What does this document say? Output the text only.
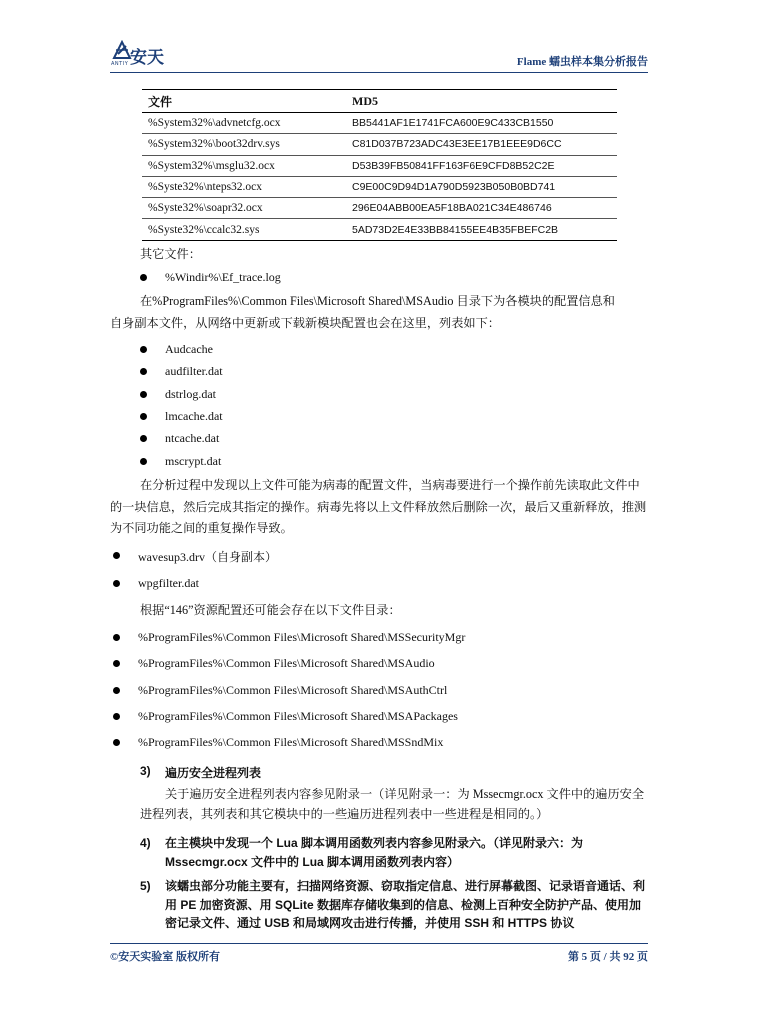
安天
ANTIY	Flame 蠕虫样本集分析报告
文件	MD5
%System32%\advnetcfg.ocx	BB5441AF1E1741FCA600E9C433CB1550
%System32%\boot32drv.sys	C81D037B723ADC43E3EE17B1EEE9D6CC
%System32%\msglu32.ocx	D53B39FB50841FF163F6E9CFD8B52C2E
%Syste32%\nteps32.ocx	C9E00C9D94D1A790D5923B050B0BD741
%Syste32%\soapr32.ocx	296E04ABB00EA5F18BA021C34E486746
%Syste32%\ccalc32.sys	5AD73D2E4E33BB84155EE4B35FBEFC2B
其它文件：
%Windir%\Ef_trace.log
在%ProgramFiles%\Common Files\Microsoft Shared\MSAudio 目录下为各模块的配置信息和
自身副本文件，从网络中更新或下载新模块配置也会在这里，列表如下：
Audcache
audfilter.dat
dstrlog.dat
lmcache.dat
ntcache.dat
mscrypt.dat
在分析过程中发现以上文件可能为病毒的配置文件，当病毒要进行一个操作前先读取此文件中的一块信息，然后完成其指定的操作。病毒先将以上文件释放然后删除一次，最后又重新释放，推测为不同功能之间的重复操作导致。
wavesup3.drv（自身副本）
wpgfilter.dat
根据“146”资源配置还可能会存在以下文件目录：
%ProgramFiles%\Common Files\Microsoft Shared\MSSecurityMgr
%ProgramFiles%\Common Files\Microsoft Shared\MSAudio
%ProgramFiles%\Common Files\Microsoft Shared\MSAuthCtrl
%ProgramFiles%\Common Files\Microsoft Shared\MSAPackages
%ProgramFiles%\Common Files\Microsoft Shared\MSSndMix
3) 遍历安全进程列表
关于遍历安全进程列表内容参见附录一（详见附录一：为 Mssecmgr.ocx 文件中的遍历安全进程列表，其列表和其它模块中的一些遍历进程列表中一些进程是相同的。）
4) 在主模块中发现一个 Lua 脚本调用函数列表内容参见附录六。（详见附录六：为 Mssecmgr.ocx 文件中的 Lua 脚本调用函数列表内容）
5) 该蠕虫部分功能主要有，扫描网络资源、窃取指定信息、进行屏幕截图、记录语音通话、利用 PE 加密资源、用 SQLite 数据库存储收集到的信息、检测上百种安全防护产品、使用加密记录文件、通过 USB 和局域网攻击进行传播，并使用 SSH 和 HTTPS 协议
©安天实验室 版权所有	第 5 页 / 共 92 页
